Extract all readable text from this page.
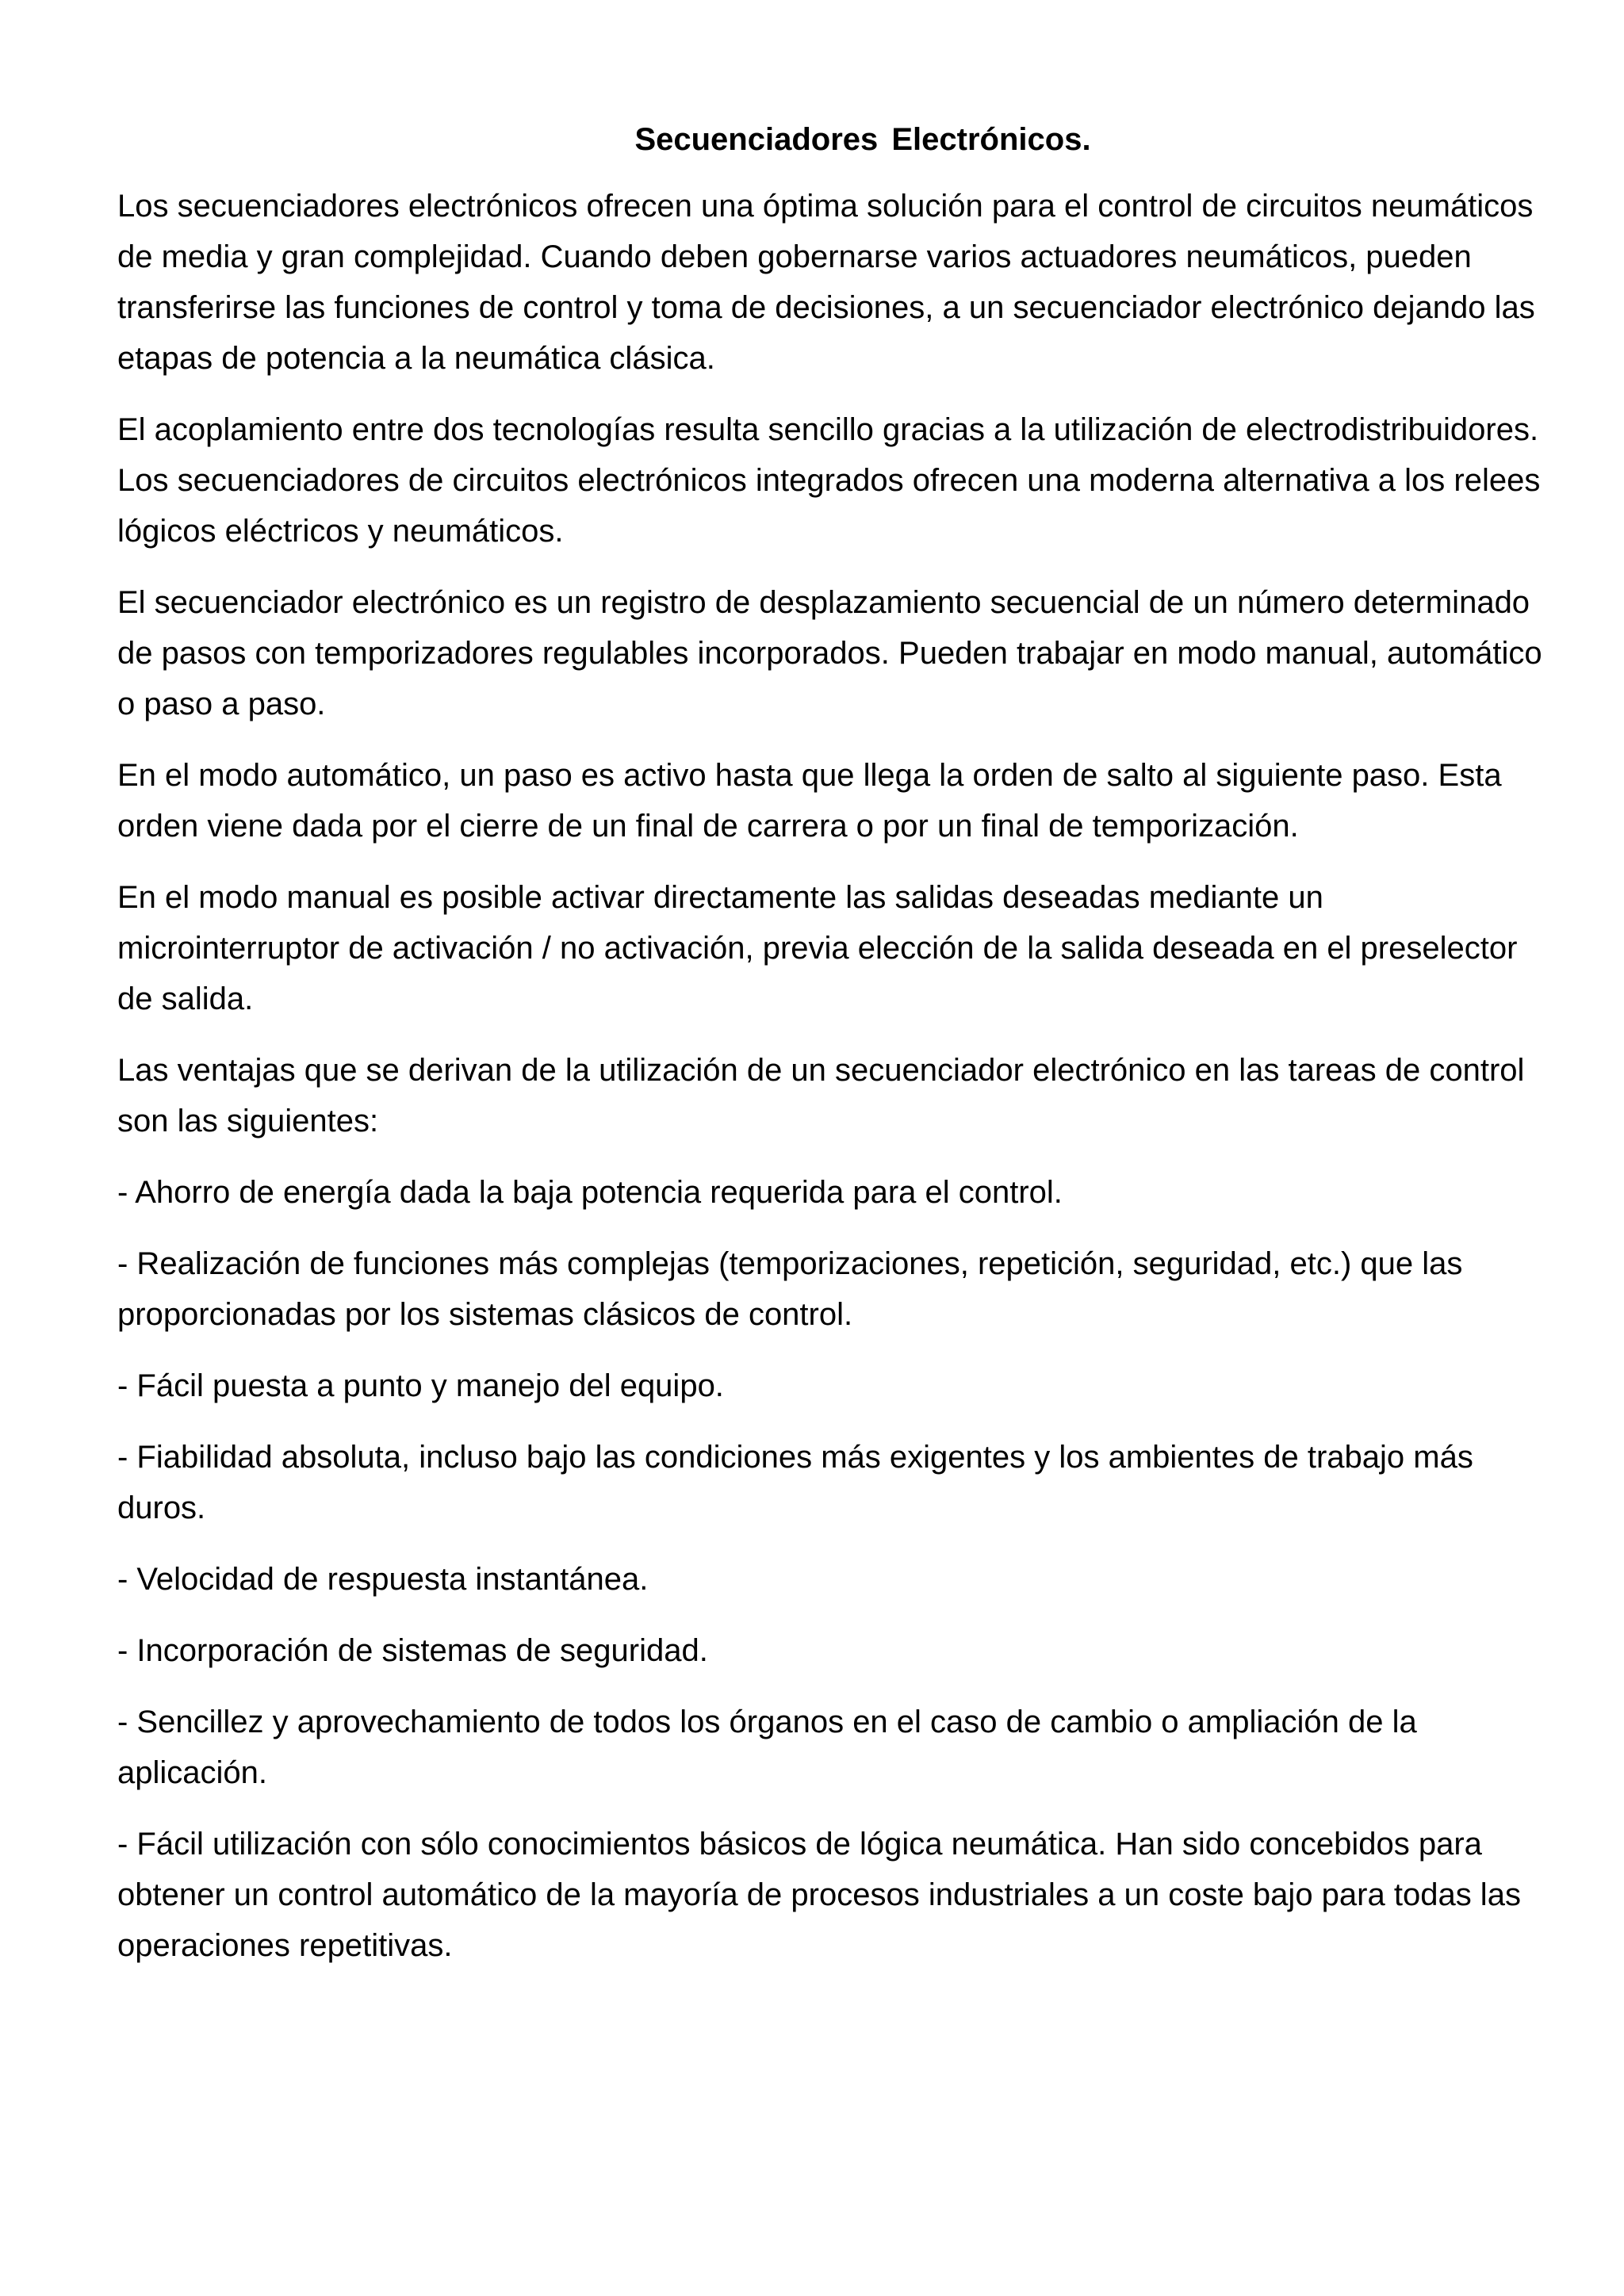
Secuenciadores Electrónicos.

Los secuenciadores electrónicos ofrecen una óptima solución para el control de circuitos neumáticos de media y gran complejidad. Cuando deben gobernarse varios actuadores neumáticos, pueden transferirse las funciones de control y toma de decisiones, a un secuenciador electrónico dejando las etapas de potencia a la neumática clásica.

El acoplamiento entre dos tecnologías resulta sencillo gracias a la utilización de electrodistribuidores. Los secuenciadores de circuitos electrónicos integrados ofrecen una moderna alternativa a los relees lógicos eléctricos y neumáticos.

El secuenciador electrónico es un registro de desplazamiento secuencial de un número determinado de pasos con temporizadores regulables incorporados. Pueden trabajar en modo manual, automático o paso a paso.

En el modo automático, un paso es activo hasta que llega la orden de salto al siguiente paso. Esta orden viene dada por el cierre de un final de carrera o por un final de temporización.

En el modo manual es posible activar directamente las salidas deseadas mediante un microinterruptor de activación / no activación, previa elección de la salida deseada en el preselector de salida.

Las ventajas que se derivan de la utilización de un secuenciador electrónico en las tareas de control son las siguientes:

- Ahorro de energía dada la baja potencia requerida para el control.

- Realización de funciones más complejas (temporizaciones, repetición, seguridad, etc.) que las proporcionadas por los sistemas clásicos de control.

- Fácil puesta a punto y manejo del equipo.

- Fiabilidad absoluta, incluso bajo las condiciones más exigentes y los ambientes de trabajo más duros.

- Velocidad de respuesta instantánea.

- Incorporación de sistemas de seguridad.

- Sencillez y aprovechamiento de todos los órganos en el caso de cambio o ampliación de la aplicación.

- Fácil utilización con sólo conocimientos básicos de lógica neumática. Han sido concebidos para obtener un control automático de la mayoría de procesos industriales a un coste bajo para todas las operaciones repetitivas.
